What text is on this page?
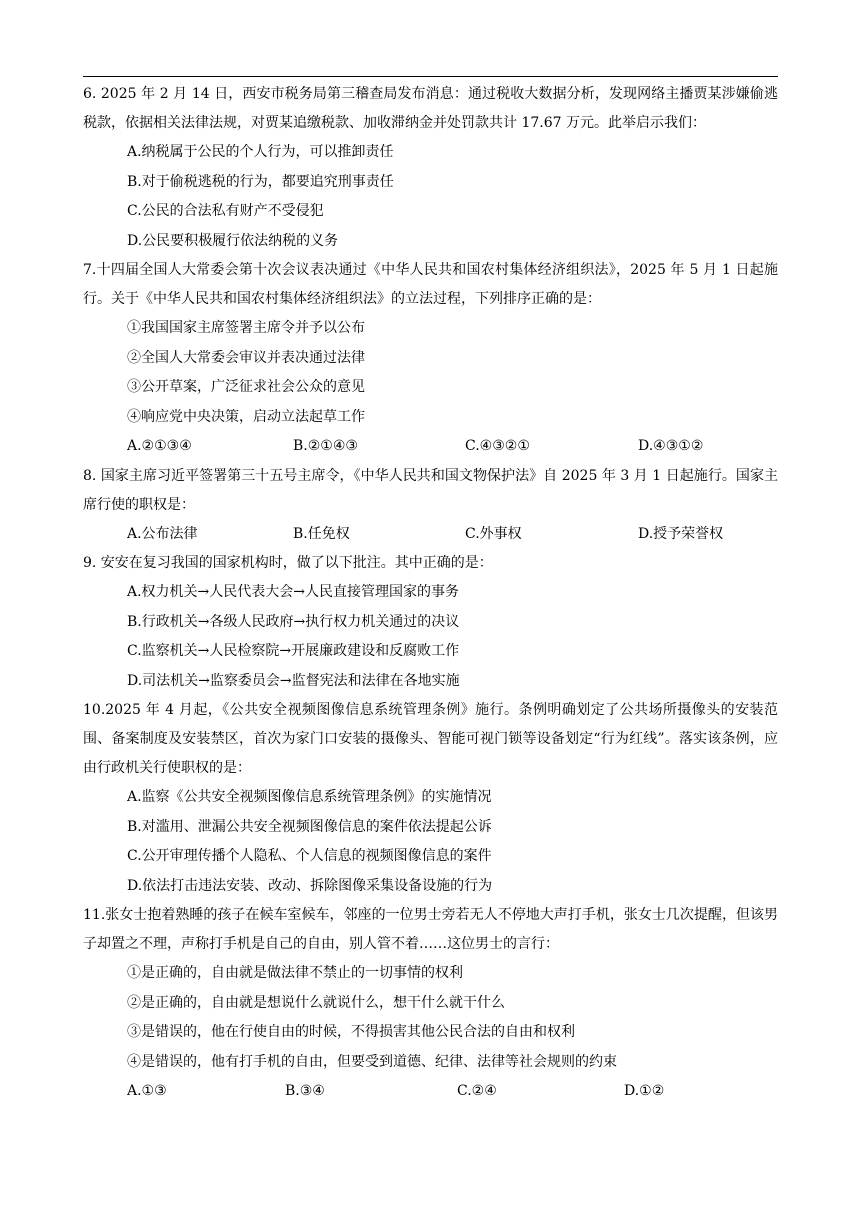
6. 2025 年 2 月 14 日，西安市税务局第三稽查局发布消息：通过税收大数据分析，发现网络主播贾某涉嫌偷逃税款，依据相关法律法规，对贾某追缴税款、加收滞纳金并处罚款共计 17.67 万元。此举启示我们：

A.纳税属于公民的个人行为，可以推卸责任

B.对于偷税逃税的行为，都要追究刑事责任

C.公民的合法私有财产不受侵犯

D.公民要积极履行依法纳税的义务

7.十四届全国人大常委会第十次会议表决通过《中华人民共和国农村集体经济组织法》，2025 年 5 月 1 日起施行。关于《中华人民共和国农村集体经济组织法》的立法过程，下列排序正确的是：

①我国国家主席签署主席令并予以公布

②全国人大常委会审议并表决通过法律

③公开草案，广泛征求社会公众的意见

④响应党中央决策，启动立法起草工作

A.②①③④	B.②①④③	C.④③②①	D.④③①②

8. 国家主席习近平签署第三十五号主席令，《中华人民共和国文物保护法》自 2025 年 3 月 1 日起施行。国家主席行使的职权是：

A.公布法律	B.任免权	C.外事权	D.授予荣誉权

9. 安安在复习我国的国家机构时，做了以下批注。其中正确的是：

A.权力机关→人民代表大会→人民直接管理国家的事务

B.行政机关→各级人民政府→执行权力机关通过的决议

C.监察机关→人民检察院→开展廉政建设和反腐败工作

D.司法机关→监察委员会→监督宪法和法律在各地实施

10.2025 年 4 月起，《公共安全视频图像信息系统管理条例》施行。条例明确划定了公共场所摄像头的安装范围、备案制度及安装禁区，首次为家门口安装的摄像头、智能可视门锁等设备划定“行为红线”。落实该条例，应由行政机关行使职权的是：

A.监察《公共安全视频图像信息系统管理条例》的实施情况

B.对滥用、泄漏公共安全视频图像信息的案件依法提起公诉

C.公开审理传播个人隐私、个人信息的视频图像信息的案件

D.依法打击违法安装、改动、拆除图像采集设备设施的行为

11.张女士抱着熟睡的孩子在候车室候车，邻座的一位男士旁若无人不停地大声打手机，张女士几次提醒，但该男子却置之不理，声称打手机是自己的自由，别人管不着……这位男士的言行：

①是正确的，自由就是做法律不禁止的一切事情的权利

②是正确的，自由就是想说什么就说什么，想干什么就干什么

③是错误的，他在行使自由的时候，不得损害其他公民合法的自由和权利

④是错误的，他有打手机的自由，但要受到道德、纪律、法律等社会规则的约束

A.①③	B.③④	C.②④	D.①②
